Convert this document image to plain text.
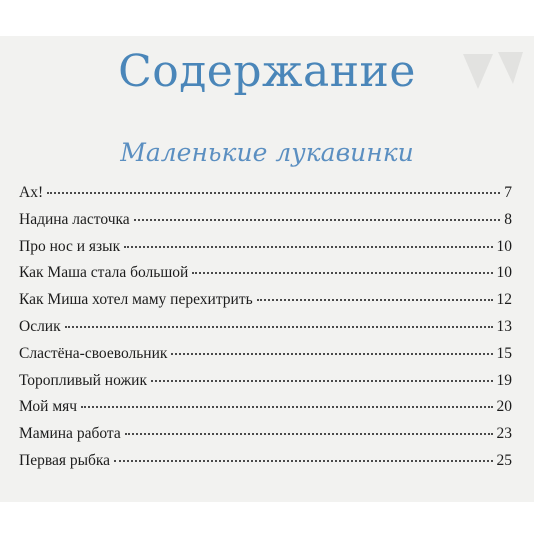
Содержание
Маленькие лукавинки
Ах!	7
Надина ласточка	8
Про нос и язык	10
Как Маша стала большой	10
Как Миша хотел маму перехитрить	12
Ослик	13
Сластёна-своевольник	15
Торопливый ножик	19
Мой мяч	20
Мамина работа	23
Первая рыбка	25
